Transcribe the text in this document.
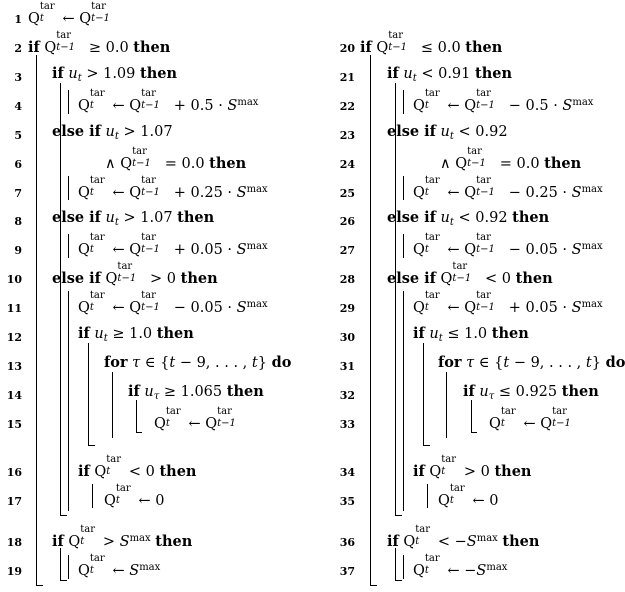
1 Q
tar
t ← Q
tar
t−1
2 if Q
tar
t−1 ≥ 0.0 then
3 if $u_t > 1.09$ then
4	Q
tar
t ← Q
tar
$t-1 + 0.5 \cdot S^{max}$
5 else if $u_t > 1.07$
6	∧ Q
tar
t−1 = 0.0 then
7	Q
tar
t ← Q
tar
$t-1 + 0.25 \cdot S^{max}$
8 else if $u_t > 1.07$ then
9	Q
tar
t ← Q
tar
$t-1 + 0.05 \cdot S^{max}$
10 else if Q
tar
t−1 > 0 then
11	Q
tar
t ← Q
tar
$t-1 - 0.05 \cdot S^{max}$
12	if $u_t \ge 1.0$ then
13	for τ ∈ {t − 9, . . . , t} do
14	if $u_\tau \ge 1.065$ then
15	Q
tar
t ← Q
tar
t−1
16	if Q
tar
t < 0 then
17	Q
tar
t ← 0
18 if Q
tar
$t > S^{max}$ then
19	Q
tar
t ← $S^{max}$
20 if Q
tar
t−1 ≤ 0.0 then
21 if $u_t < 0.91$ then
22	Q
tar
t ← Q
tar
$t-1 - 0.5 \cdot S^{max}$
23 else if $u_t < 0.92$
24	∧ Q
tar
t−1 = 0.0 then
25	Q
tar
t ← Q
tar
$t-1 - 0.25 \cdot S^{max}$
26 else if $u_t < 0.92$ then
27	Q
tar
t ← Q
tar
$t-1 - 0.05 \cdot S^{max}$
28 else if Q
tar
t−1 < 0 then
29	Q
tar
t ← Q
tar
$t-1 + 0.05 \cdot S^{max}$
30	if $u_t \le 1.0$ then
31	for τ ∈ {t − 9, . . . , t} do
32	if $u_\tau \le 0.925$ then
33	Q
tar
t ← Q
tar
t−1
34	if Q
tar
t > 0 then
35	Q
tar
t ← 0
36 if Q
tar
$t < -S^{max}$ then
37	Q
tar
t ← $-S^{max}$
